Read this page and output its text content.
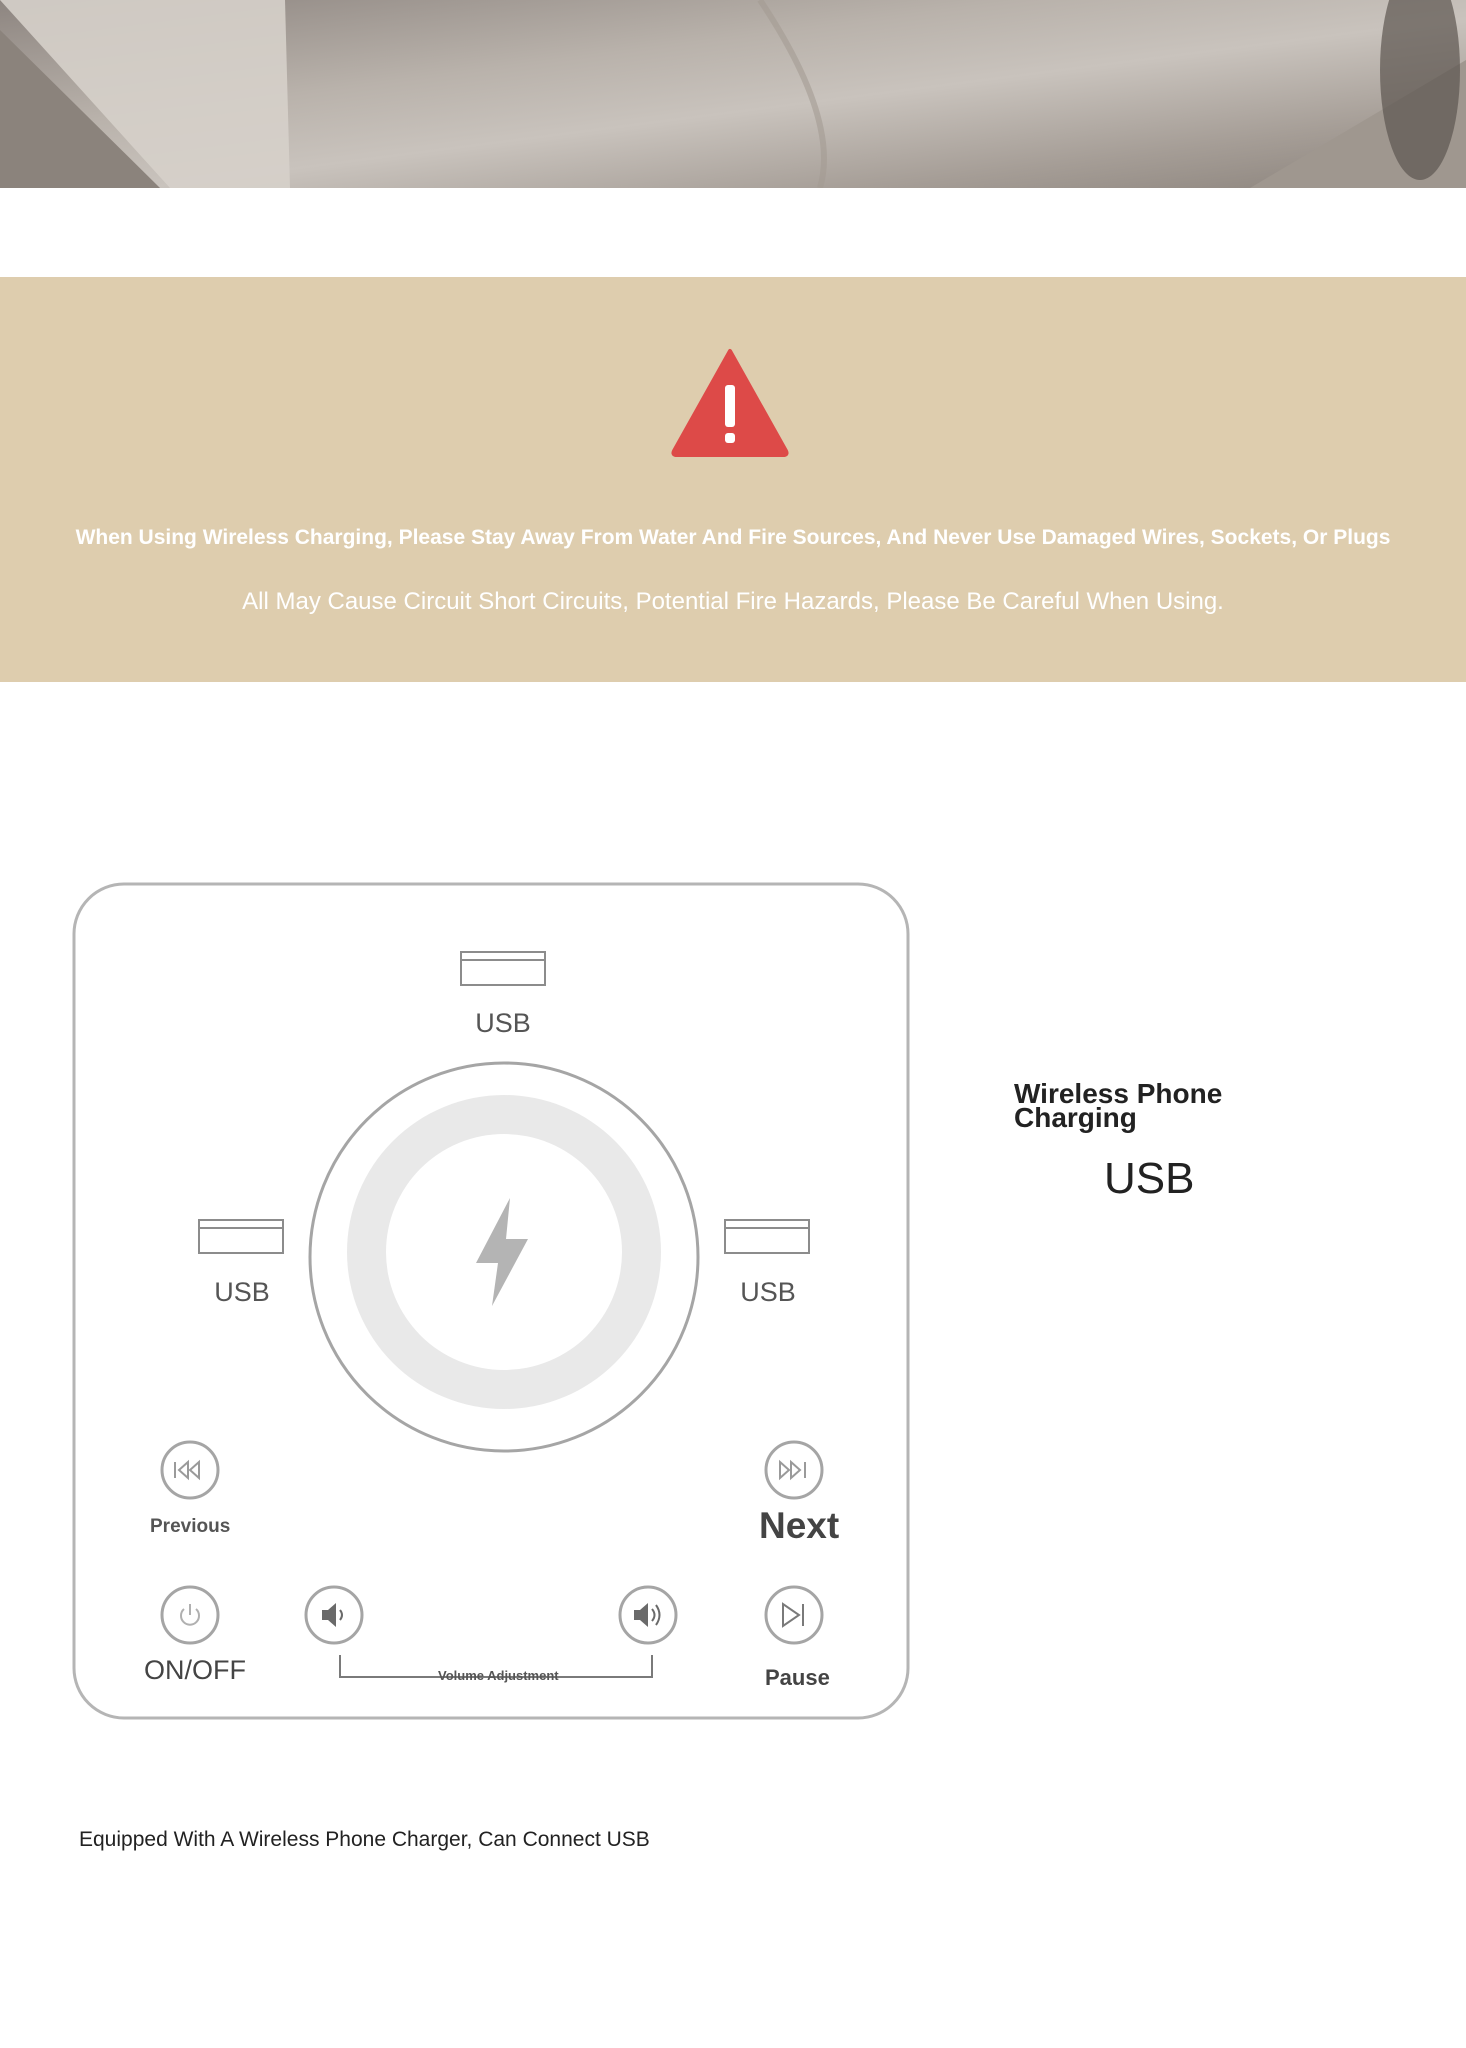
When Using Wireless Charging, Please Stay Away From Water And Fire Sources, And Never Use Damaged Wires, Sockets, Or Plugs
All May Cause Circuit Short Circuits, Potential Fire Hazards, Please Be Careful When Using.
USB
USB	USB
Previous	Next
ON/OFF	Pause
Volume Adjustment
Wireless Phone Charging
USB
Equipped With A Wireless Phone Charger, Can Connect USB
